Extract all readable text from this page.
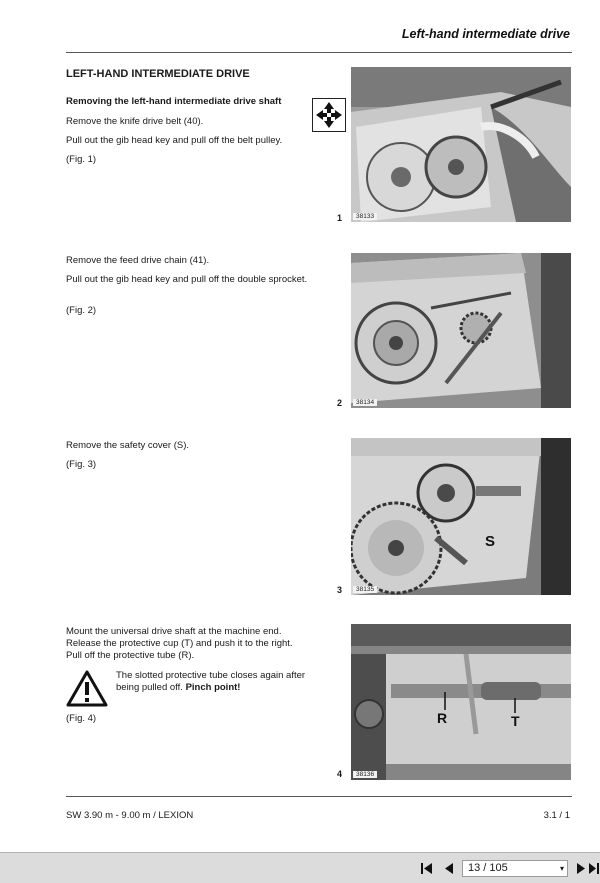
Left-hand intermediate drive
LEFT-HAND INTERMEDIATE DRIVE
Removing the left-hand intermediate drive shaft
Remove the knife drive belt (40).
Pull out the gib head key and pull off the belt pulley.
(Fig. 1)
38133
1
Remove the feed drive chain (41).
Pull out the gib head key and pull off the double sprocket.
(Fig. 2)
38134
2
Remove the safety cover (S).
(Fig. 3)
S
38135
3
Mount the universal drive shaft at the machine end. Release the protective cup (T) and push it to the right. Pull off the protective tube (R).
The slotted protective tube closes again after being pulled off. Pinch point!
(Fig. 4)	R	T
38136
4
SW 3.90 m - 9.00 m / LEXION	3.1 / 1
13 / 105	▾
